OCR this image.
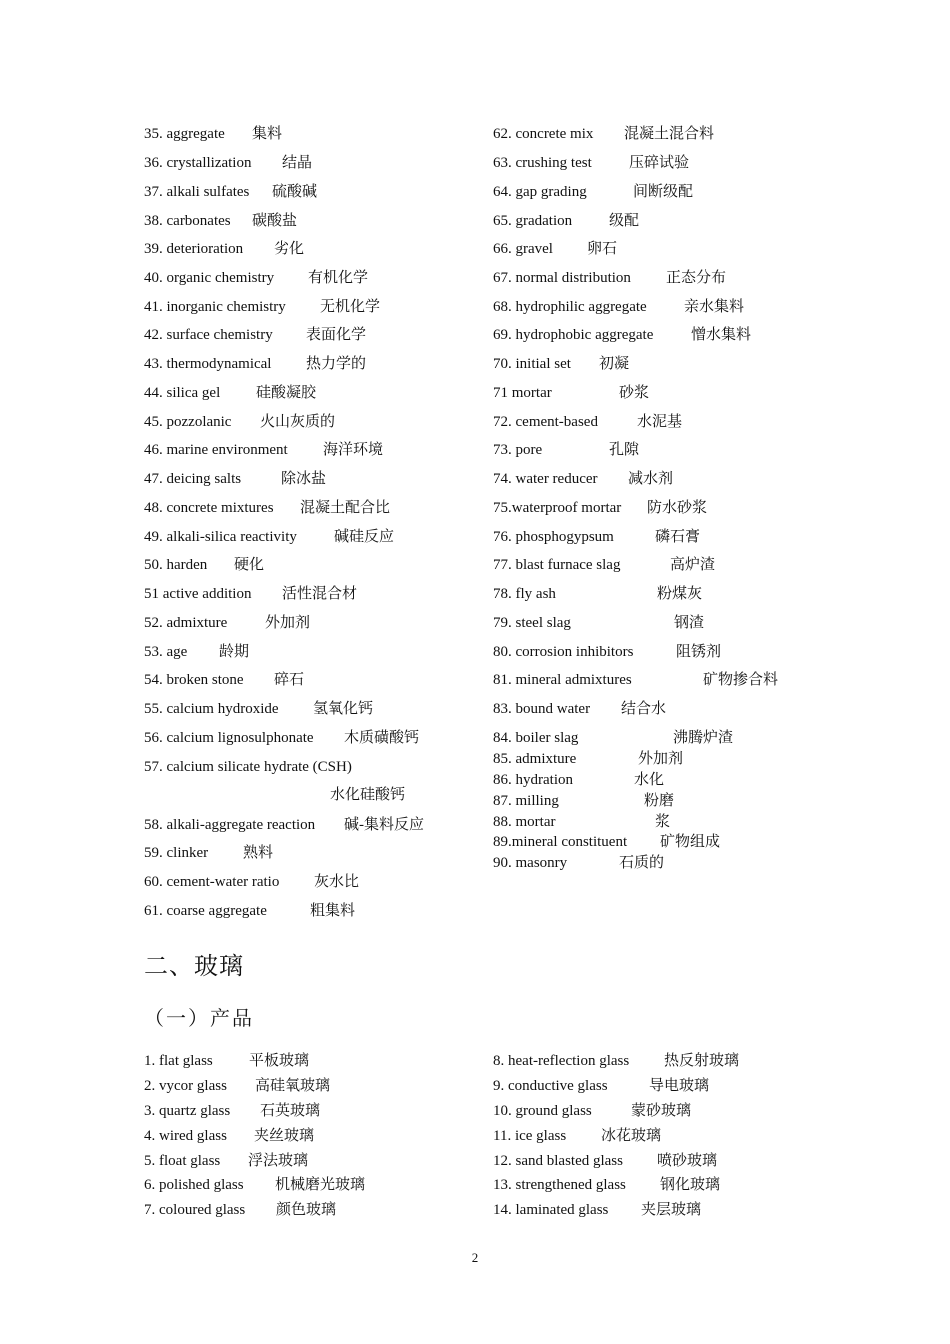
35. aggregate 集料
36. crystallization 结晶
37. alkali sulfates 硫酸碱
38. carbonates 碳酸盐
39. deterioration 劣化
40. organic chemistry 有机化学
41. inorganic chemistry 无机化学
42. surface chemistry 表面化学
43. thermodynamical 热力学的
44. silica gel 硅酸凝胶
45. pozzolanic 火山灰质的
46. marine environment 海洋环境
47. deicing salts	除冰盐
48. concrete mixtures 混凝土配合比
49. alkali-silica reactivity 碱硅反应
50. harden 硬化
51 active addition 活性混合材
52. admixture	外加剂
53. age 龄期
54. broken stone 碎石
55. calcium hydroxide 氢氧化钙
56. calcium lignosulphonate 木质磺酸钙
57. calcium silicate hydrate (CSH)
水化硅酸钙
58. alkali-aggregate reaction 碱-集料反应
59. clinker 熟料
60. cement-water ratio 灰水比
61. coarse aggregate	粗集料
62. concrete mix 混凝土混合料
63. crushing test 压碎试验
64. gap grading	间断级配
65. gradation 级配
66. gravel 卵石
67. normal distribution 正态分布
68. hydrophilic aggregate 亲水集料
69. hydrophobic aggregate	憎水集料
70. initial set 初凝
71 mortar	砂浆
72. cement-based	水泥基
73. pore	孔隙
74. water reducer 减水剂
75.waterproof mortar 防水砂浆
76. phosphogypsum	磷石膏
77. blast furnace slag	高炉渣
78. fly ash	粉煤灰
79. steel slag	钢渣
80. corrosion inhibitors	阻锈剂
81. mineral admixtures	矿物掺合料
83. bound water 结合水
84. boiler slag	沸腾炉渣
85. admixture	外加剂
86. hydration	水化
87. milling	粉磨
88. mortar	浆
89.mineral constituent 矿物组成
90. masonry	石质的
二、玻璃
（一）产品
1. flat glass 平板玻璃
2. vycor glass 高硅氧玻璃
3. quartz glass 石英玻璃
4. wired glass 夹丝玻璃
5. float glass 浮法玻璃
6. polished glass 机械磨光玻璃
7. coloured glass 颜色玻璃
8. heat-reflection glass 热反射玻璃
9. conductive glass	导电玻璃
10. ground glass	蒙砂玻璃
11. ice glass 冰花玻璃
12. sand blasted glass 喷砂玻璃
13. strengthened glass 钢化玻璃
14. laminated glass 夹层玻璃
2
